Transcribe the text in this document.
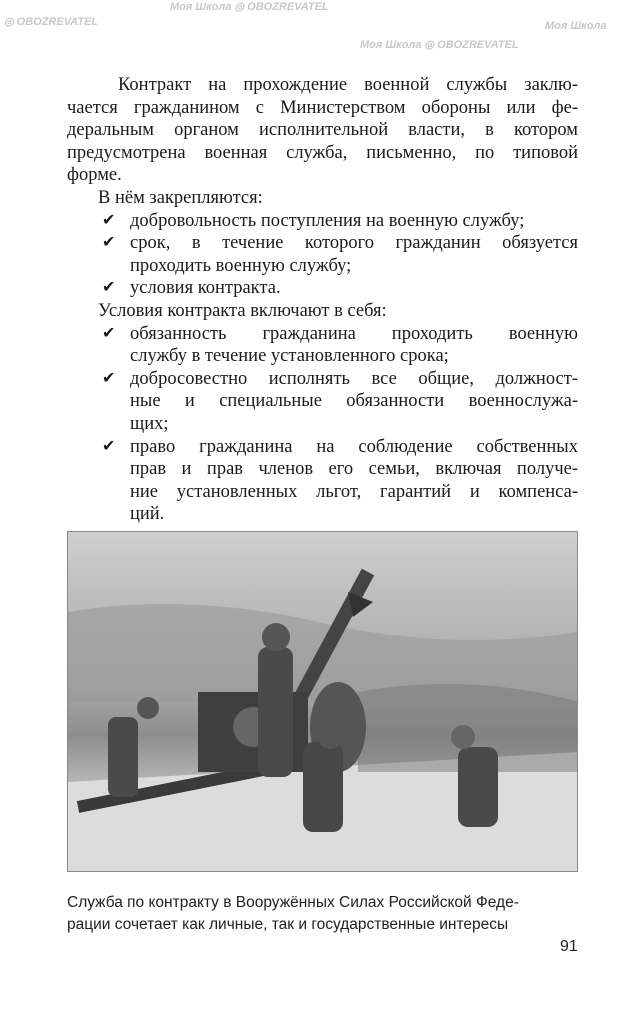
Моя Школа ◎ OBOZREVATEL
Моя Школа ◎ OBOZREVATEL
Моя Школа
◎ OBOZREVATEL
Контракт на прохождение военной службы заклю-
чается гражданином с Министерством обороны или фе-
деральным органом исполнительной власти, в котором
предусмотрена военная служба, письменно, по типовой
форме.
В нём закрепляются:
добровольность поступления на военную службу;
✔
срок, в течение которого гражданин обязуется
✔
проходить военную службу;
условия контракта.
✔
Условия контракта включают в себя:
обязанность гражданина проходить военную
✔
службу в течение установленного срока;
добросовестно исполнять все общие, должност-
✔
ные и специальные обязанности военнослужа-
щих;
право гражданина на соблюдение собственных
✔
прав и прав членов его семьи, включая получе-
ние установленных льгот, гарантий и компенса-
ций.
Служба по контракту в Вооружённых Силах Российской Феде-
рации сочетает как личные, так и государственные интересы
91
